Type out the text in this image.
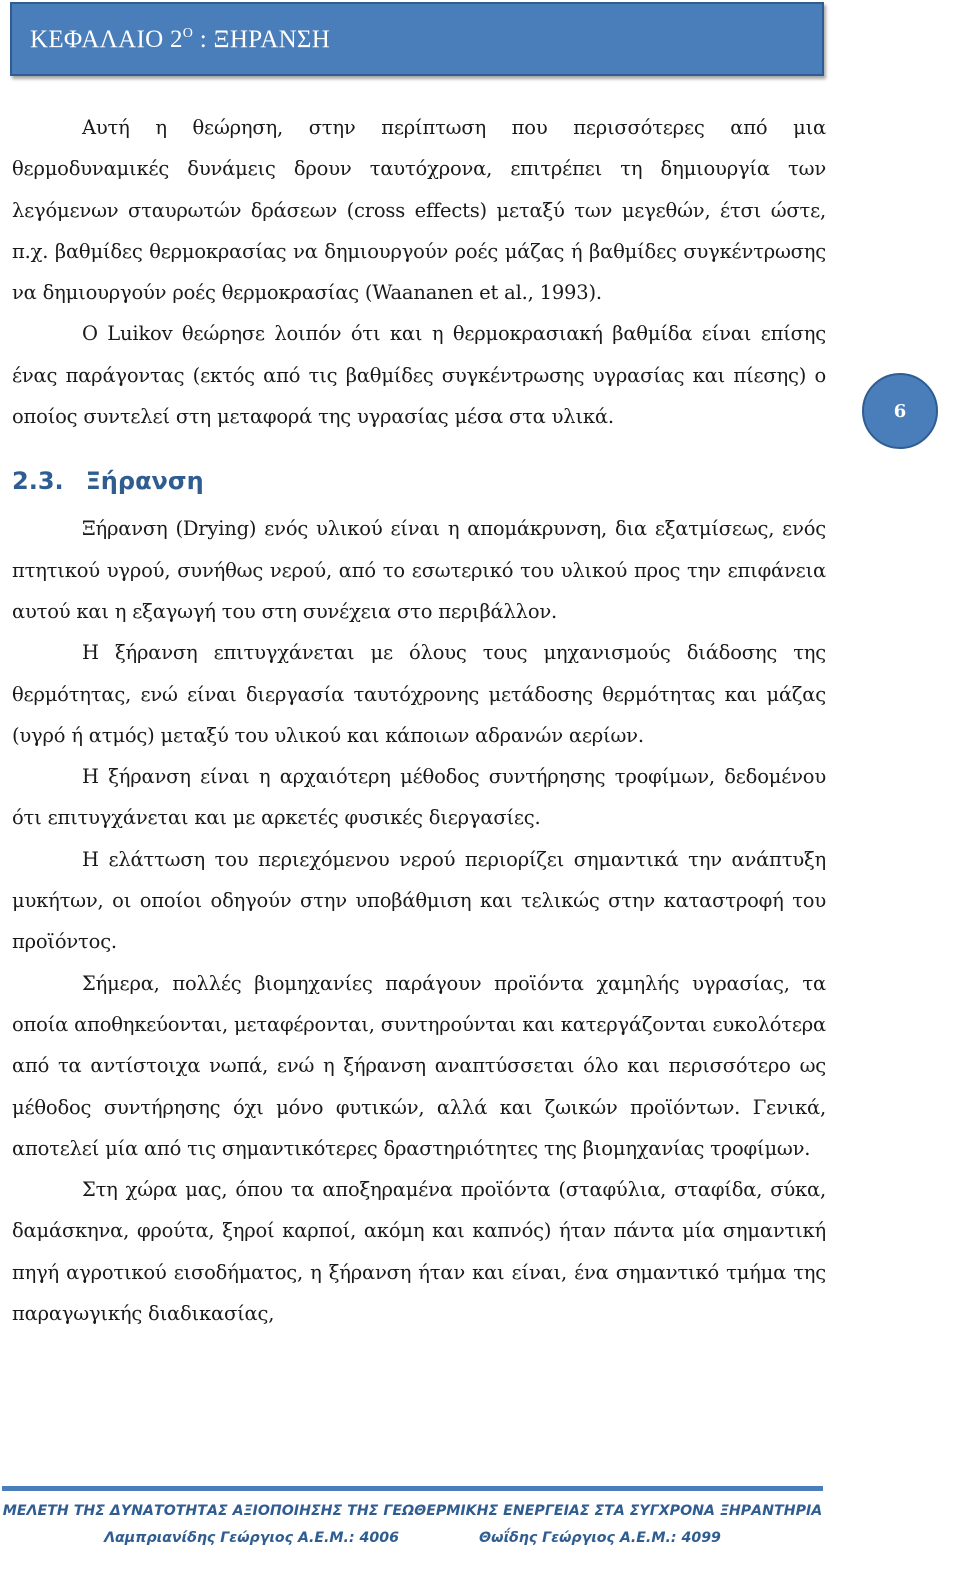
ΚΕΦΑΛΑΙΟ $2^O$ : ΞΗΡΑΝΣΗ

Αυτή η θεώρηση, στην περίπτωση που περισσότερες από μια θερμοδυναμικές δυνάμεις δρουν ταυτόχρονα, επιτρέπει τη δημιουργία των λεγόμενων σταυρωτών δράσεων (cross effects) μεταξύ των μεγεθών, έτσι ώστε, π.χ. βαθμίδες θερμοκρασίας να δημιουργούν ροές μάζας ή βαθμίδες συγκέντρωσης να δημιουργούν ροές θερμοκρασίας (Waananen et al., 1993).

Ο Luikov θεώρησε λοιπόν ότι και η θερμοκρασιακή βαθμίδα είναι επίσης ένας παράγοντας (εκτός από τις βαθμίδες συγκέντρωσης υγρασίας και πίεσης) ο οποίος συντελεί στη μεταφορά της υγρασίας μέσα στα υλικά.

2.3. Ξήρανση

Ξήρανση (Drying) ενός υλικού είναι η απομάκρυνση, δια εξατμίσεως, ενός πτητικού υγρού, συνήθως νερού, από το εσωτερικό του υλικού προς την επιφάνεια αυτού και η εξαγωγή του στη συνέχεια στο περιβάλλον.

Η ξήρανση επιτυγχάνεται με όλους τους μηχανισμούς διάδοσης της θερμότητας, ενώ είναι διεργασία ταυτόχρονης μετάδοσης θερμότητας και μάζας (υγρό ή ατμός) μεταξύ του υλικού και κάποιων αδρανών αερίων.

Η ξήρανση είναι η αρχαιότερη μέθοδος συντήρησης τροφίμων, δεδομένου ότι επιτυγχάνεται και με αρκετές φυσικές διεργασίες.

Η ελάττωση του περιεχόμενου νερού περιορίζει σημαντικά την ανάπτυξη μυκήτων, οι οποίοι οδηγούν στην υποβάθμιση και τελικώς στην καταστροφή του προϊόντος.

Σήμερα, πολλές βιομηχανίες παράγουν προϊόντα χαμηλής υγρασίας, τα οποία αποθηκεύονται, μεταφέρονται, συντηρούνται και κατεργάζονται ευκολότερα από τα αντίστοιχα νωπά, ενώ η ξήρανση αναπτύσσεται όλο και περισσότερο ως μέθοδος συντήρησης όχι μόνο φυτικών, αλλά και ζωικών προϊόντων. Γενικά, αποτελεί μία από τις σημαντικότερες δραστηριότητες της βιομηχανίας τροφίμων.

Στη χώρα μας, όπου τα αποξηραμένα προϊόντα (σταφύλια, σταφίδα, σύκα, δαμάσκηνα, φρούτα, ξηροί καρποί, ακόμη και καπνός) ήταν πάντα μία σημαντική πηγή αγροτικού εισοδήματος, η ξήρανση ήταν και είναι, ένα σημαντικό τμήμα της παραγωγικής διαδικασίας,

6
ΜΕΛΕΤΗ ΤΗΣ ΔΥΝΑΤΟΤΗΤΑΣ ΑΞΙΟΠΟΙΗΣΗΣ ΤΗΣ ΓΕΩΘΕΡΜΙΚΗΣ ΕΝΕΡΓΕΙΑΣ ΣΤΑ ΣΥΓΧΡΟΝΑ ΞΗΡΑΝΤΗΡΙΑ
Λαμπριανίδης Γεώργιος Α.Ε.Μ.: 4006	Θωΐδης Γεώργιος Α.Ε.Μ.: 4099
